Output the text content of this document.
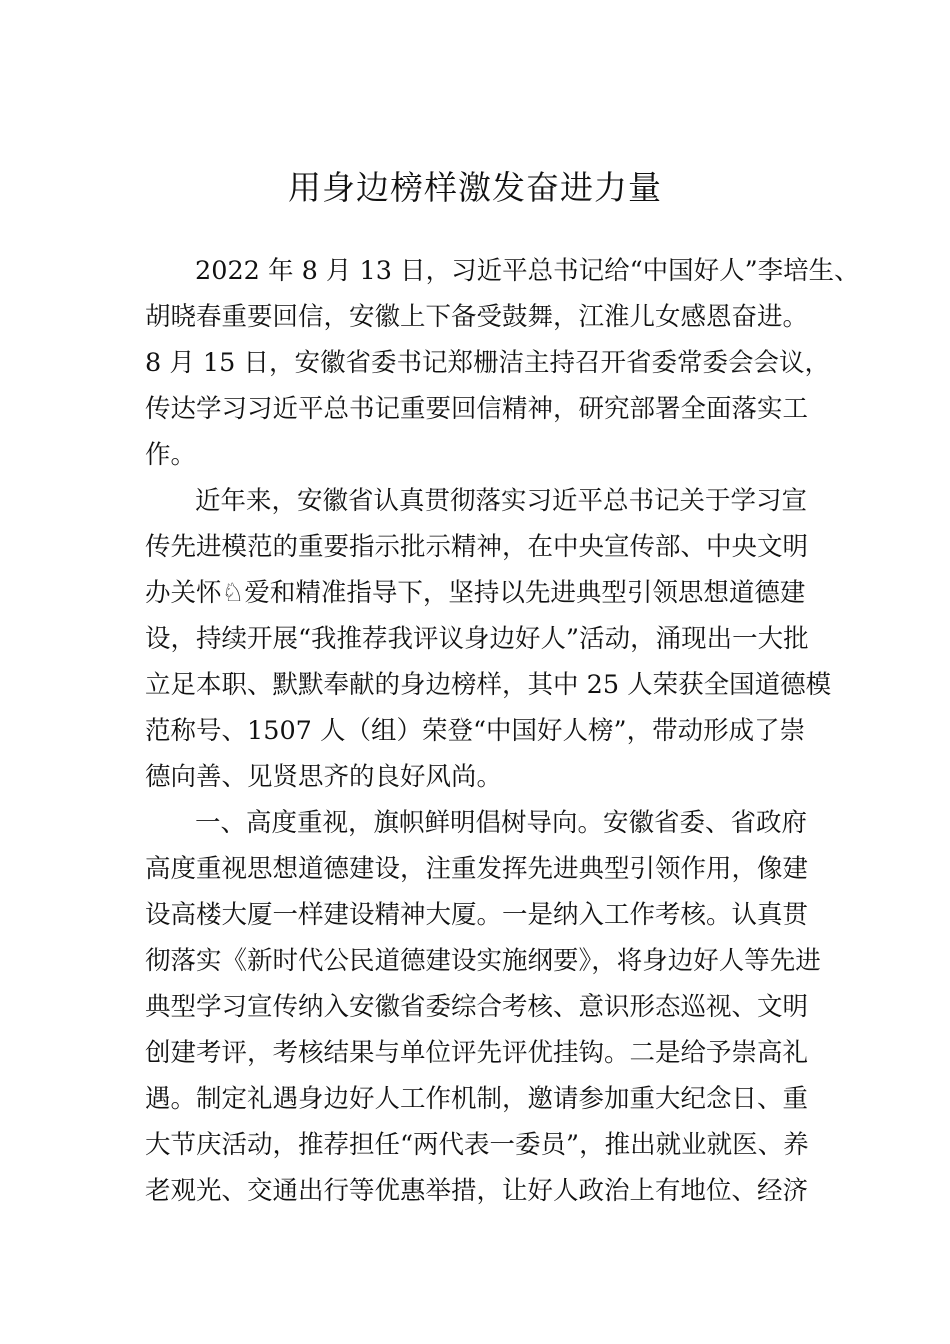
用身边榜样激发奋进力量

2022 年 8 月 13 日，习近平总书记给“中国好人”李培生、

胡晓春重要回信，安徽上下备受鼓舞，江淮儿女感恩奋进。

8 月 15 日，安徽省委书记郑栅洁主持召开省委常委会会议，

传达学习习近平总书记重要回信精神，研究部署全面落实工

作。

近年来，安徽省认真贯彻落实习近平总书记关于学习宣

传先进模范的重要指示批示精神，在中央宣传部、中央文明

办关怀♘爱和精准指导下，坚持以先进典型引领思想道德建

设，持续开展“我推荐我评议身边好人”活动，涌现出一大批

立足本职、默默奉献的身边榜样，其中 25 人荣获全国道德模

范称号、1507 人（组）荣登“中国好人榜”，带动形成了崇

德向善、见贤思齐的良好风尚。

一、高度重视，旗帜鲜明倡树导向。安徽省委、省政府

高度重视思想道德建设，注重发挥先进典型引领作用，像建

设高楼大厦一样建设精神大厦。一是纳入工作考核。认真贯

彻落实《新时代公民道德建设实施纲要》，将身边好人等先进

典型学习宣传纳入安徽省委综合考核、意识形态巡视、文明

创建考评，考核结果与单位评先评优挂钩。二是给予崇高礼

遇。制定礼遇身边好人工作机制，邀请参加重大纪念日、重

大节庆活动，推荐担任“两代表一委员”，推出就业就医、养

老观光、交通出行等优惠举措，让好人政治上有地位、经济
